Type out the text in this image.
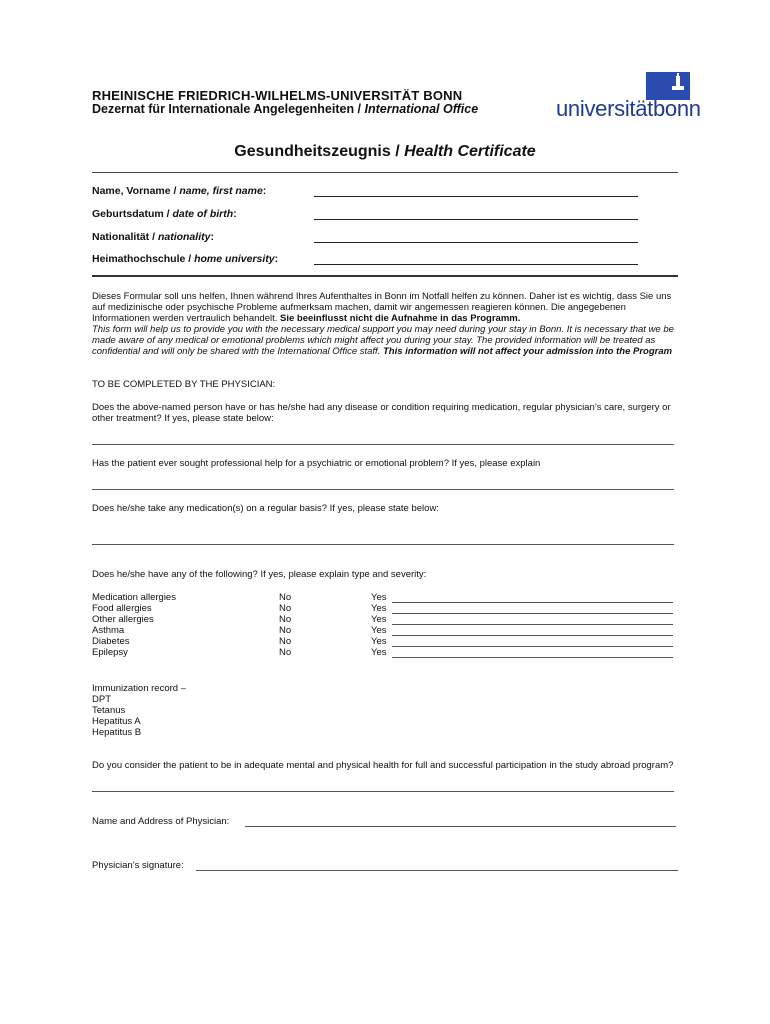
RHEINISCHE FRIEDRICH-WILHELMS-UNIVERSITÄT BONN
Dezernat für Internationale Angelegenheiten / International Office	universitätbonn
Gesundheitszeugnis / Health Certificate
Name, Vorname / name, first name:
Geburtsdatum / date of birth:
Nationalität / nationality:
Heimathochschule / home university:
Dieses Formular soll uns helfen, Ihnen während Ihres Aufenthaltes in Bonn im Notfall helfen zu können. Daher ist es wichtig, dass Sie uns auf medizinische oder psychische Probleme aufmerksam machen, damit wir angemessen reagieren können. Die angegebenen Informationen werden vertraulich behandelt. Sie beeinflusst nicht die Aufnahme in das Programm.
This form will help us to provide you with the necessary medical support you may need during your stay in Bonn. It is necessary that we be made aware of any medical or emotional problems which might affect you during your stay. The provided information will be treated as confidential and will only be shared with the International Office staff. This information will not affect your admission into the Program
TO BE COMPLETED BY THE PHYSICIAN:
Does the above-named person have or has he/she had any disease or condition requiring medication, regular physician’s care, surgery or other treatment? If yes, please state below:
Has the patient ever sought professional help for a psychiatric or emotional problem? If yes, please explain
Does he/she take any medication(s) on a regular basis? If yes, please state below:
Does he/she have any of the following? If yes, please explain type and severity:
Medication allergies	No	Yes
Food allergies	No	Yes
Other allergies	No	Yes
Asthma	No	Yes
Diabetes	No	Yes
Epilepsy	No	Yes
Immunization record –
DPT
Tetanus
Hepatitus A
Hepatitus B
Do you consider the patient to be in adequate mental and physical health for full and successful participation in the study abroad program?
Name and Address of Physician:
Physician’s signature:
